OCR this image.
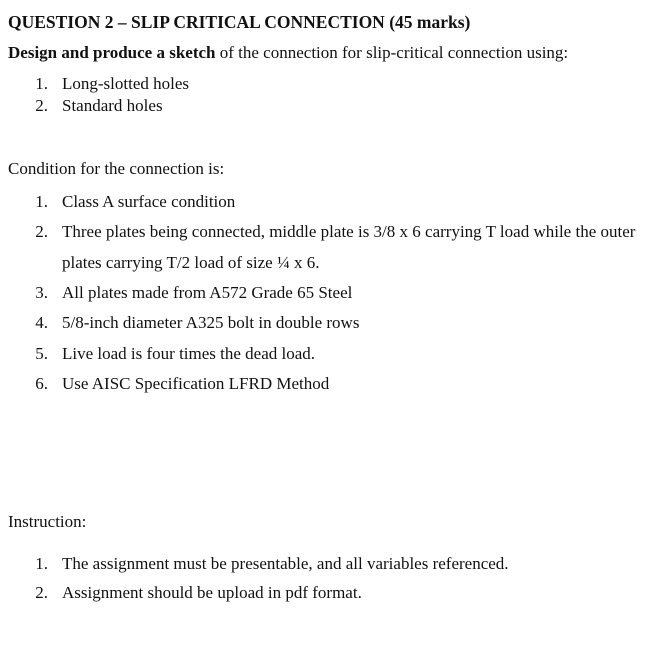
QUESTION 2 – SLIP CRITICAL CONNECTION (45 marks)
Design and produce a sketch of the connection for slip-critical connection using:
1. Long-slotted holes
2. Standard holes
Condition for the connection is:
1. Class A surface condition
2. Three plates being connected, middle plate is 3/8 x 6 carrying T load while the outer
plates carrying T/2 load of size ¼ x 6.
3. All plates made from A572 Grade 65 Steel
4. 5/8-inch diameter A325 bolt in double rows
5. Live load is four times the dead load.
6. Use AISC Specification LFRD Method
Instruction:
1. The assignment must be presentable, and all variables referenced.
2. Assignment should be upload in pdf format.
